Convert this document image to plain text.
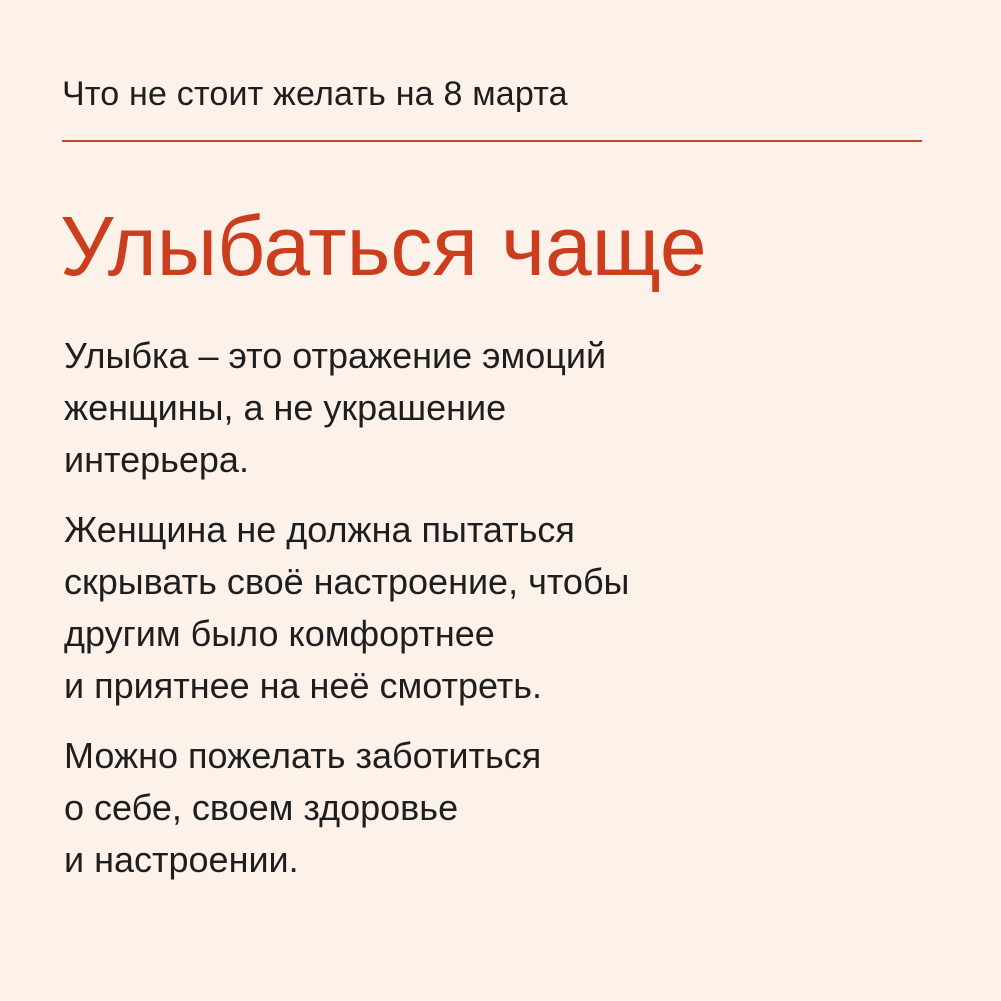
Что не стоит желать на 8 марта
Улыбаться чаще

Улыбка – это отражение эмоций
женщины, а не украшение
интерьера.

Женщина не должна пытаться
скрывать своё настроение, чтобы
другим было комфортнее
и приятнее на неё смотреть.

Можно пожелать заботиться
о себе, своем здоровье
и настроении.
